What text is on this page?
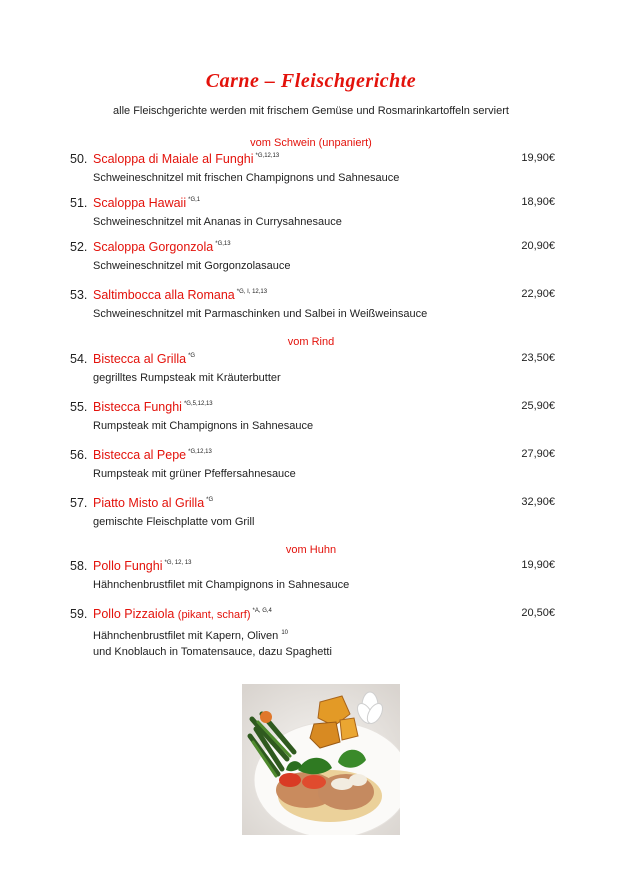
Carne – Fleischgerichte
alle Fleischgerichte werden mit frischem Gemüse und Rosmarinkartoffeln serviert
vom Schwein (unpaniert)
50. Scaloppa di Maiale al Funghi $^{*G,12,13}$	19,90€
Schweineschnitzel mit frischen Champignons und Sahnesauce
51. Scaloppa Hawaii $^{*G,1}$	18,90€
Schweineschnitzel mit Ananas in Currysahnesauce
52. Scaloppa Gorgonzola $^{*G,13}$	20,90€
Schweineschnitzel mit Gorgonzolasauce
53. Saltimbocca alla Romana $^{*G, I, 12,13}$	22,90€
Schweineschnitzel mit Parmaschinken und Salbei in Weißweinsauce
vom Rind
54. Bistecca al Grilla $^{*G}$	23,50€
gegrilltes Rumpsteak mit Kräuterbutter
55. Bistecca Funghi $^{*G,5,12,13}$	25,90€
Rumpsteak mit Champignons in Sahnesauce
56. Bistecca al Pepe $^{*G,12,13}$	27,90€
Rumpsteak mit grüner Pfeffersahnesauce
57. Piatto Misto al Grilla $^{*G}$	32,90€
gemischte Fleischplatte vom Grill
vom Huhn
58. Pollo Funghi $^{*G, 12, 13}$	19,90€
Hähnchenbrustfilet mit Champignons in Sahnesauce
59. Pollo Pizzaiola (pikant, scharf) $^{*A, G,4}$	20,50€
Hähnchenbrustfilet mit Kapern, Oliven $^{10}$
und Knoblauch in Tomatensauce, dazu Spaghetti
